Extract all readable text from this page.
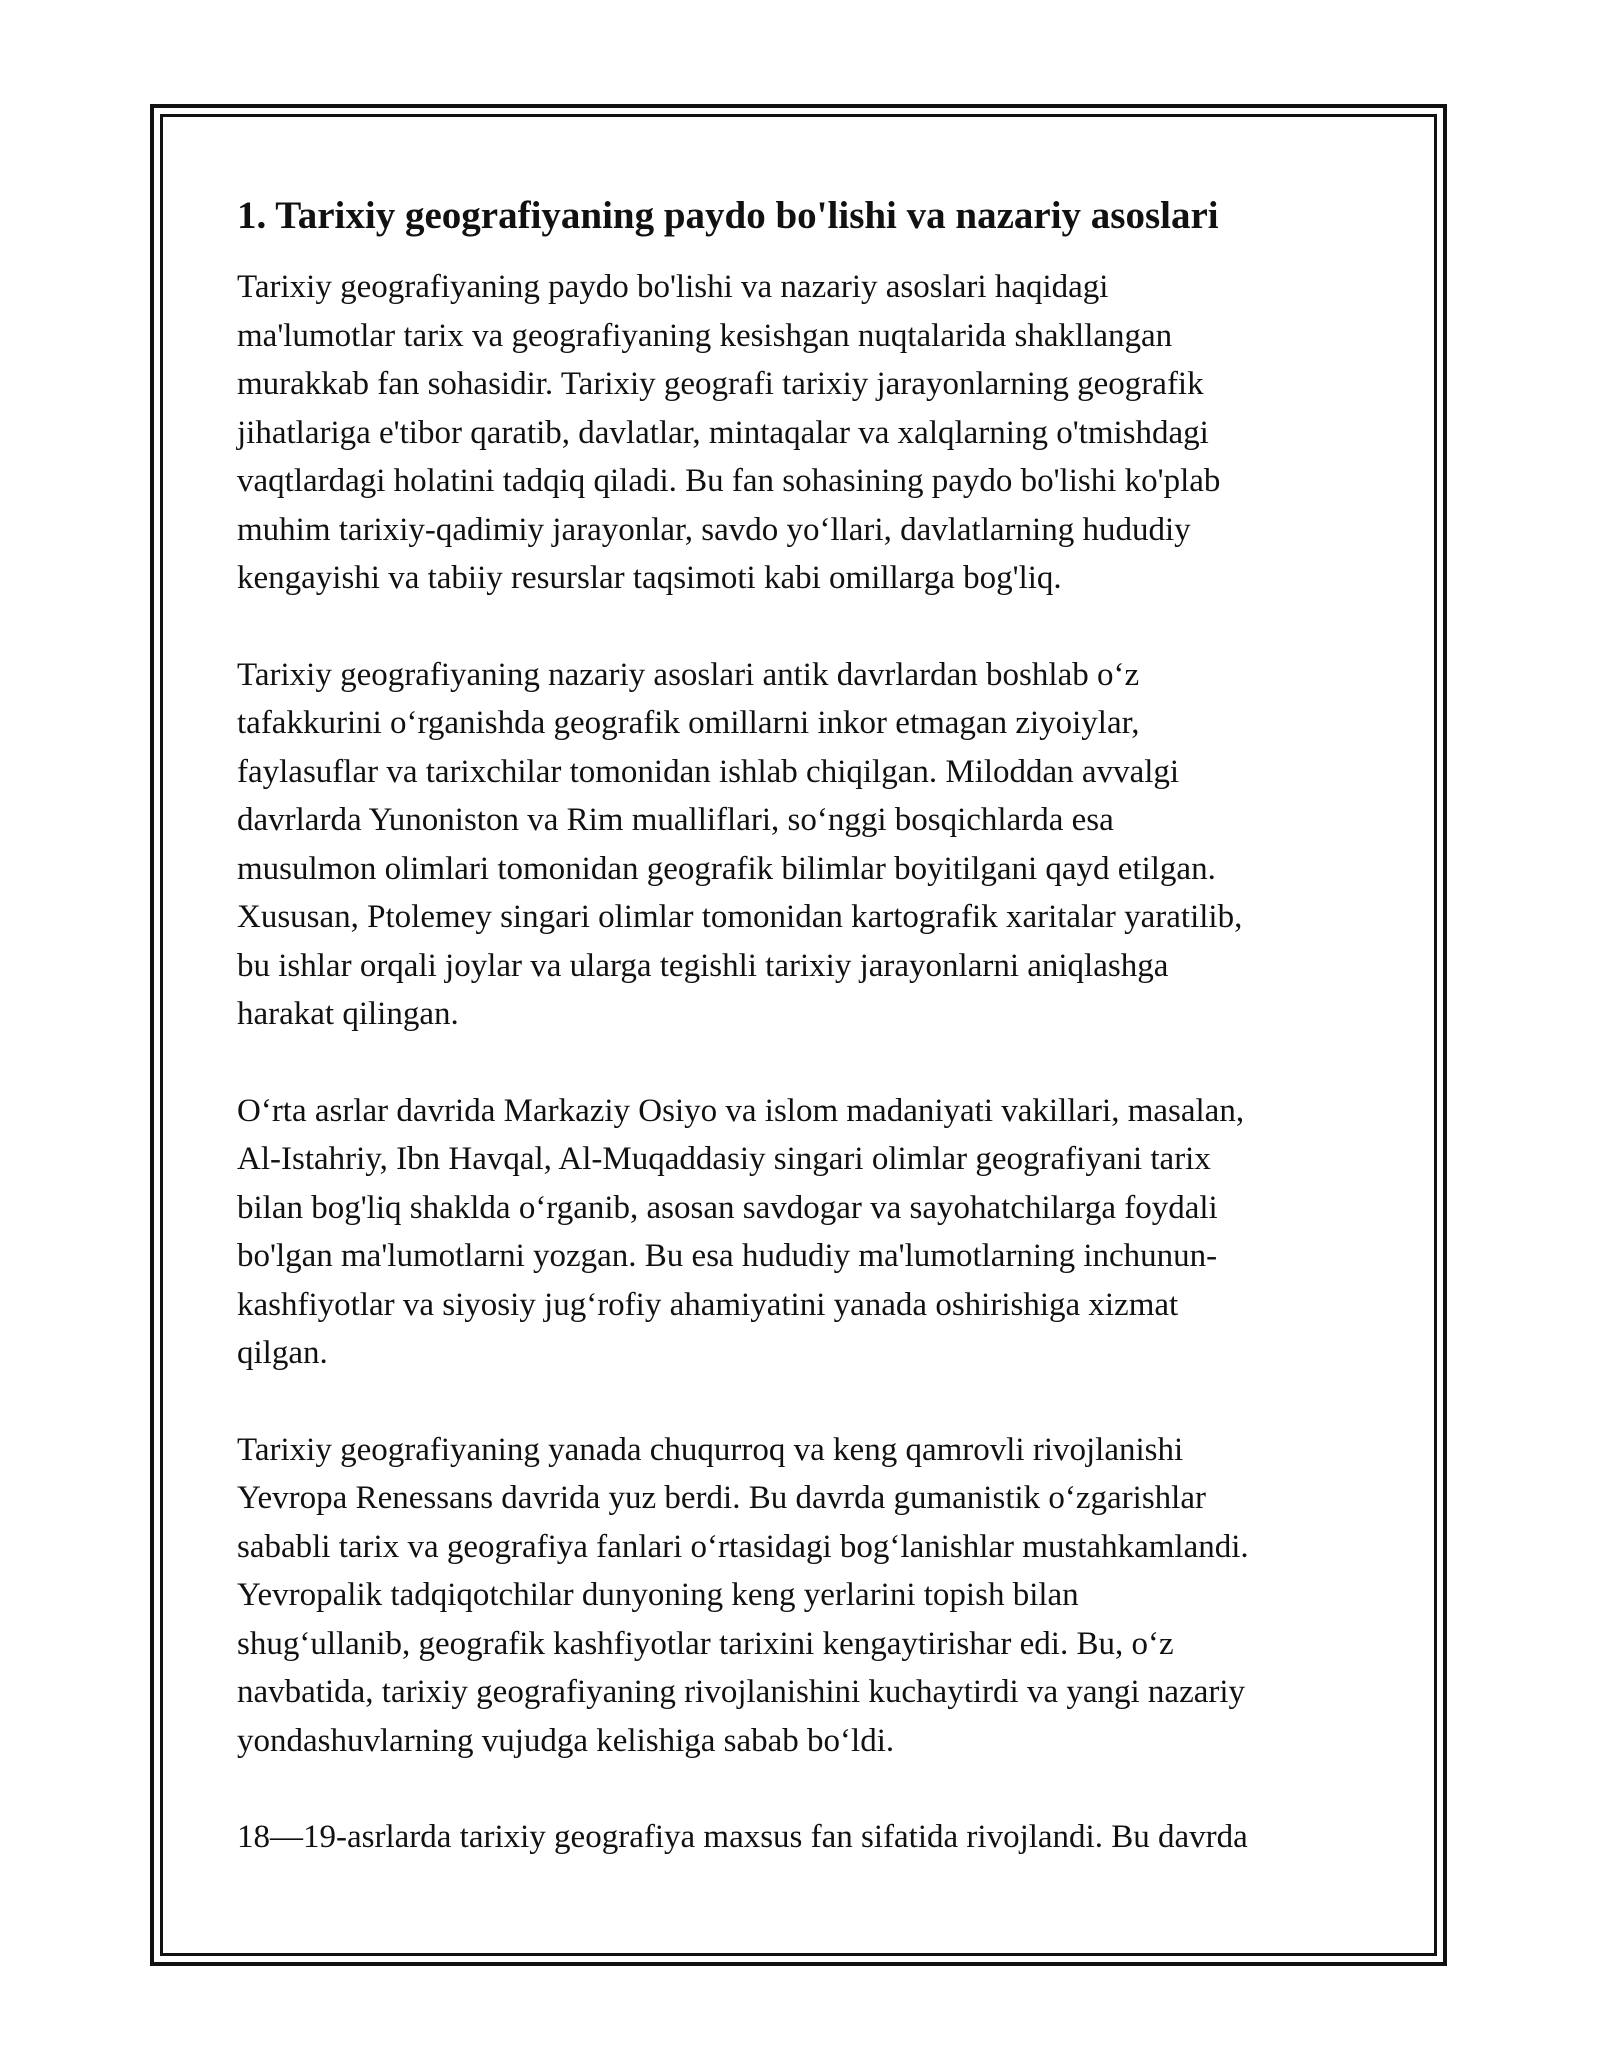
1. Tarixiy geografiyaning paydo bo'lishi va nazariy asoslari

Tarixiy geografiyaning paydo bo'lishi va nazariy asoslari haqidagi
ma'lumotlar tarix va geografiyaning kesishgan nuqtalarida shakllangan
murakkab fan sohasidir. Tarixiy geografi tarixiy jarayonlarning geografik
jihatlariga e'tibor qaratib, davlatlar, mintaqalar va xalqlarning o'tmishdagi
vaqtlardagi holatini tadqiq qiladi. Bu fan sohasining paydo bo'lishi ko'plab
muhim tarixiy-qadimiy jarayonlar, savdo yo‘llari, davlatlarning hududiy
kengayishi va tabiiy resurslar taqsimoti kabi omillarga bog'liq.

Tarixiy geografiyaning nazariy asoslari antik davrlardan boshlab o‘z
tafakkurini o‘rganishda geografik omillarni inkor etmagan ziyoiylar,
faylasuflar va tarixchilar tomonidan ishlab chiqilgan. Miloddan avvalgi
davrlarda Yunoniston va Rim mualliflari, so‘nggi bosqichlarda esa
musulmon olimlari tomonidan geografik bilimlar boyitilgani qayd etilgan.
Xususan, Ptolemey singari olimlar tomonidan kartografik xaritalar yaratilib,
bu ishlar orqali joylar va ularga tegishli tarixiy jarayonlarni aniqlashga
harakat qilingan.

O‘rta asrlar davrida Markaziy Osiyo va islom madaniyati vakillari, masalan,
Al-Istahriy, Ibn Havqal, Al-Muqaddasiy singari olimlar geografiyani tarix
bilan bog'liq shaklda o‘rganib, asosan savdogar va sayohatchilarga foydali
bo'lgan ma'lumotlarni yozgan. Bu esa hududiy ma'lumotlarning inchunun-
kashfiyotlar va siyosiy jug‘rofiy ahamiyatini yanada oshirishiga xizmat
qilgan.

Tarixiy geografiyaning yanada chuqurroq va keng qamrovli rivojlanishi
Yevropa Renessans davrida yuz berdi. Bu davrda gumanistik o‘zgarishlar
sababli tarix va geografiya fanlari o‘rtasidagi bog‘lanishlar mustahkamlandi.
Yevropalik tadqiqotchilar dunyoning keng yerlarini topish bilan
shug‘ullanib, geografik kashfiyotlar tarixini kengaytirishar edi. Bu, o‘z
navbatida, tarixiy geografiyaning rivojlanishini kuchaytirdi va yangi nazariy
yondashuvlarning vujudga kelishiga sabab bo‘ldi.

18—19-asrlarda tarixiy geografiya maxsus fan sifatida rivojlandi. Bu davrda
